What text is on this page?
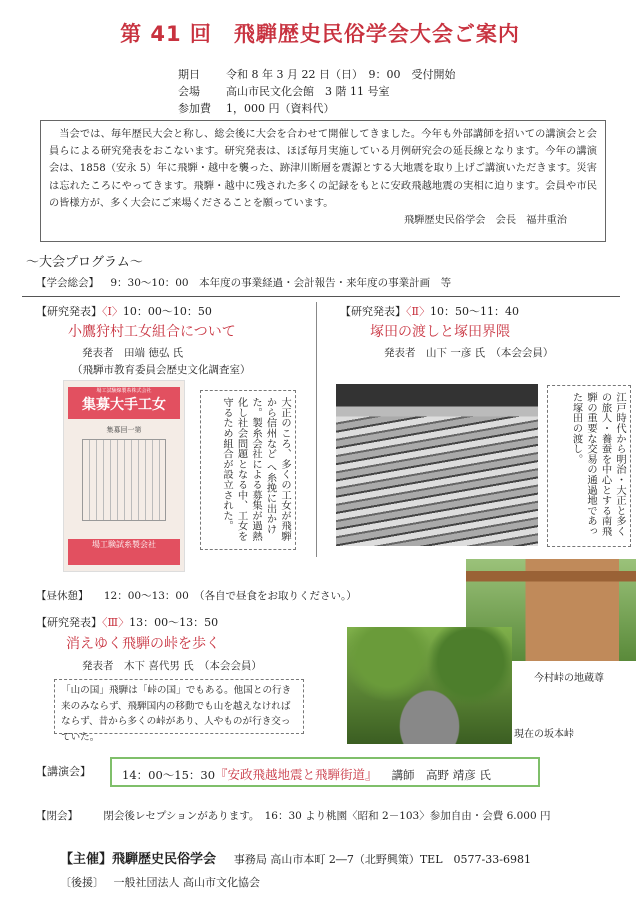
第 41 回　飛騨歴史民俗学会大会ご案内
期日	令和 8 年 3 月 22 日（日）　9：00　受付開始
会場	高山市民文化会館　3 階 11 号室
参加費	1，000 円（資料代）

当会では、毎年歴民大会と称し、総会後に大会を合わせて開催してきました。今年も外部講師を招いての講演会と会員らによる研究発表をおこないます。研究発表は、ほぼ毎月実施している月例研究会の延長線となります。今年の講演会は、1858（安永 5）年に飛騨・越中を襲った、跡津川断層を震源とする大地震を取り上げご講演いただきます。災害は忘れたころにやってきます。飛騨・越中に残された多くの記録をもとに安政飛越地震の実相に迫ります。会員や市民の皆様方が、多く大会にご来場くださることを願っています。

飛騨歴史民俗学会　会長　福井重治

～大会プログラム～
【学会総会】 9：30～10：00　本年度の事業経過・会計報告・来年度の事業計画　等
【研究発表】〈Ⅰ〉10：00～10：50
小鷹狩村工女組合について
発表者　田端 徳弘 氏
（飛騨市教育委員会歴史文化調査室）
場工試験線製糸株式会社
集募大手工女
集募回一第
場工験試糸製会社
大正のころ、多くの工女が飛騨から信州など へ糸挽に出かけた。製糸会社による募集が過熱化し社会問題となる中、工女を守るため組合が設立された。
【研究発表】〈Ⅱ〉10：50～11：40
塚田の渡しと塚田界隈
発表者　山下 一彦 氏　（本会会員）
江戸時代から明治・大正と多くの旅人・養蚕を中心とする南飛騨の重要な交易の通過地であった塚田の渡し。
【昼休憩】 12：00～13：00　（各自で昼食をお取りください。）
【研究発表】〈Ⅲ〉13：00～13：50
消えゆく飛騨の峠を歩く
発表者　木下 喜代男 氏　（本会会員）
今村峠の地蔵尊
現在の坂本峠
「山の国」飛騨は「峠の国」でもある。他国との行き来のみならず、飛騨国内の移動でも山を越えなければならず、昔から多くの峠があり、人やものが行き交っていた。
【講演会】	14：00～15：30『安政飛越地震と飛騨街道』 講師　高野 靖彦 氏
【閉会】 閉会後レセプションがあります。　16：30 より桃園〈昭和 2－103〉参加自由・会費 6.000 円
【主催】飛騨歴史民俗学会 事務局 高山市本町 2―7（北野興策）TEL　0577-33-6981
〔後援〕 一般社団法人 高山市文化協会
